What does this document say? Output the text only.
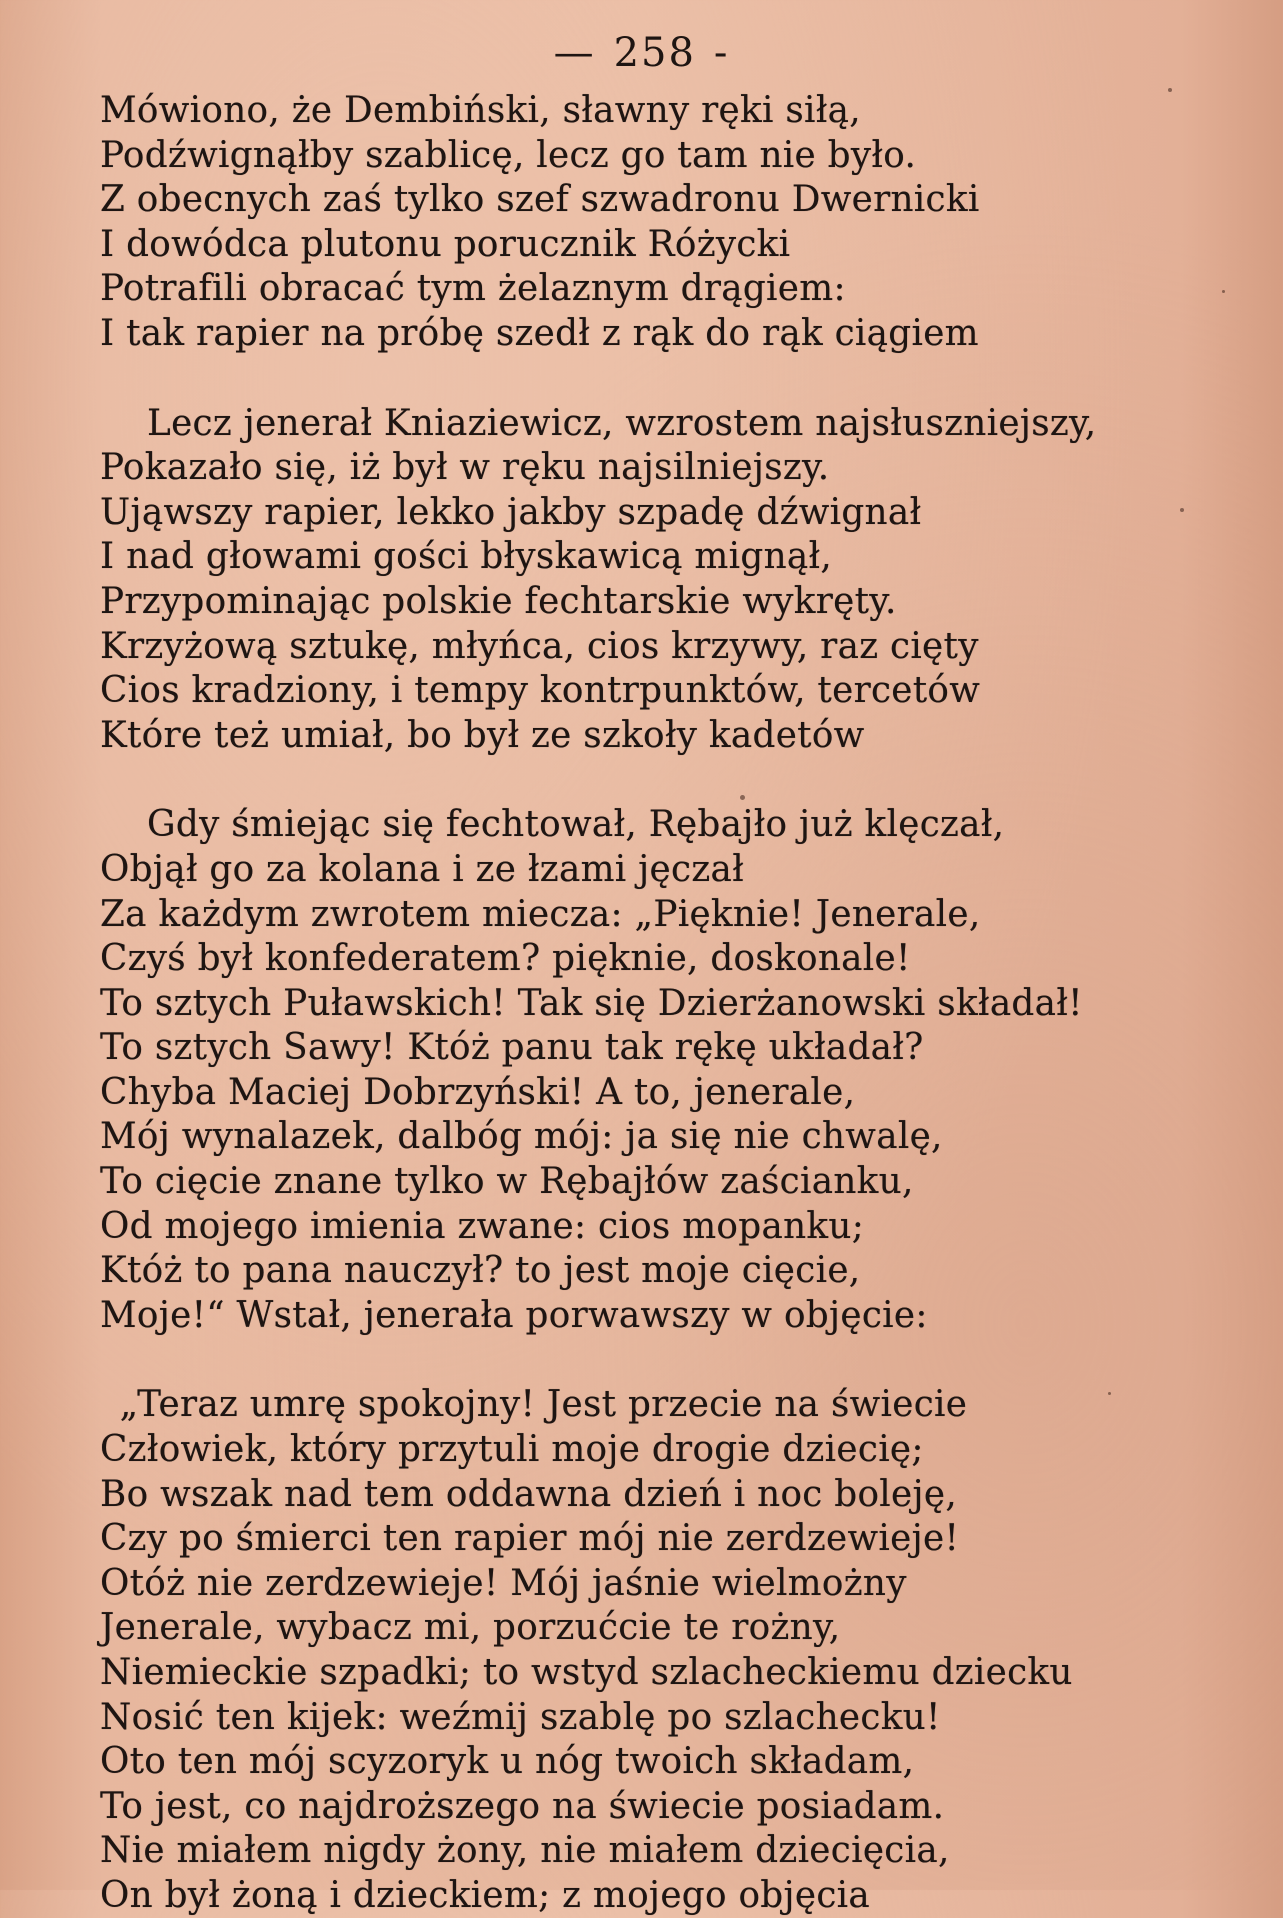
— 258 -
Mówiono, że Dembiński, sławny ręki siłą,
Podźwignąłby szablicę, lecz go tam nie było.
Z obecnych zaś tylko szef szwadronu Dwernicki
I dowódca plutonu porucznik Różycki
Potrafili obracać tym żelaznym drągiem:
I tak rapier na próbę szedł z rąk do rąk ciągiem
Lecz jenerał Kniaziewicz, wzrostem najsłuszniejszy,
Pokazało się, iż był w ręku najsilniejszy.
Ująwszy rapier, lekko jakby szpadę dźwignał
I nad głowami gości błyskawicą mignął,
Przypominając polskie fechtarskie wykręty.
Krzyżową sztukę, młyńca, cios krzywy, raz cięty
Cios kradziony, i tempy kontrpunktów, tercetów
Które też umiał, bo był ze szkoły kadetów
Gdy śmiejąc się fechtował, Rębajło już klęczał,
Objął go za kolana i ze łzami jęczał
Za każdym zwrotem miecza: „Pięknie! Jenerale,
Czyś był konfederatem? pięknie, doskonale!
To sztych Puławskich! Tak się Dzierżanowski składał!
To sztych Sawy! Któż panu tak rękę układał?
Chyba Maciej Dobrzyński! A to, jenerale,
Mój wynalazek, dalbóg mój: ja się nie chwalę,
To cięcie znane tylko w Rębajłów zaścianku,
Od mojego imienia zwane: cios mopanku;
Któż to pana nauczył? to jest moje cięcie,
Moje!“ Wstał, jenerała porwawszy w objęcie:
„Teraz umrę spokojny! Jest przecie na świecie
Człowiek, który przytuli moje drogie dziecię;
Bo wszak nad tem oddawna dzień i noc boleję,
Czy po śmierci ten rapier mój nie zerdzewieje!
Otóż nie zerdzewieje! Mój jaśnie wielmożny
Jenerale, wybacz mi, porzućcie te rożny,
Niemieckie szpadki; to wstyd szlacheckiemu dziecku
Nosić ten kijek: weźmij szablę po szlachecku!
Oto ten mój scyzoryk u nóg twoich składam,
To jest, co najdroższego na świecie posiadam.
Nie miałem nigdy żony, nie miałem dziecięcia,
On był żoną i dzieckiem; z mojego objęcia
